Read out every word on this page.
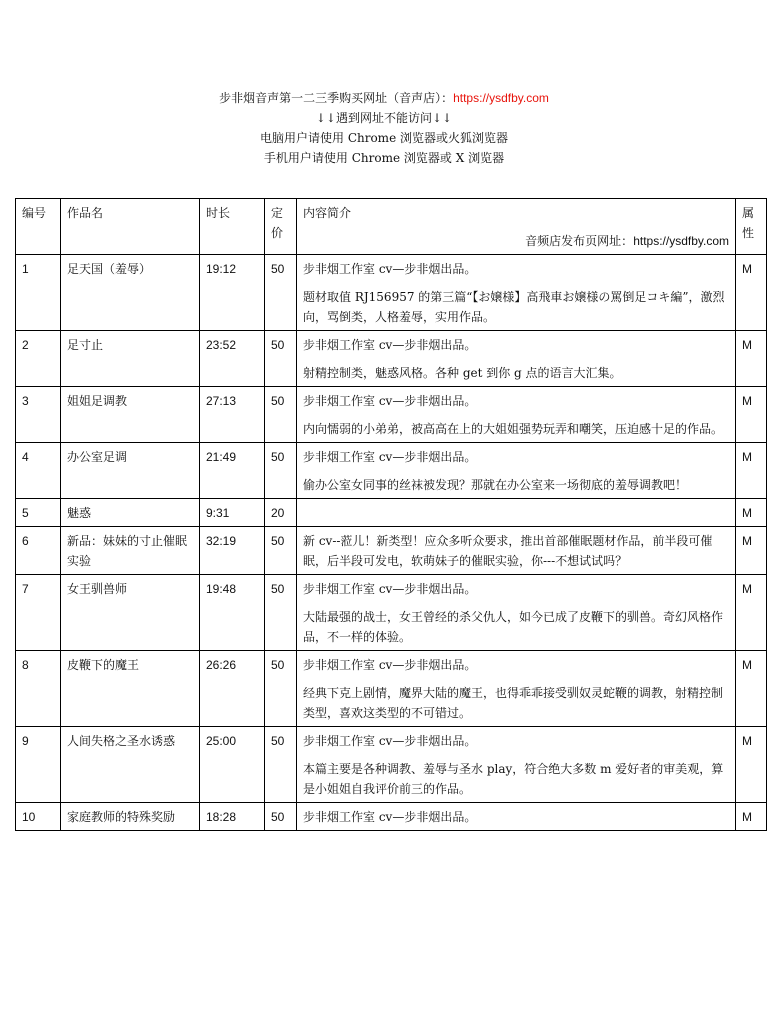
步非烟音声第一二三季购买网址（音声店）：https://ysdfby.com
↓↓遇到网址不能访问↓↓
电脑用户请使用 Chrome 浏览器或火狐浏览器
手机用户请使用 Chrome 浏览器或 X 浏览器
编号	作品名	时长	定价	内容简介
音频店发布页网址：https://ysdfby.com	属性
1	足天国（羞辱）	19:12	50	步非烟工作室 cv—步非烟出品。
题材取值 RJ156957 的第三篇“【お嬢様】高飛車お嬢様の罵倒足コキ編”，激烈向，骂倒类，人格羞辱，实用作品。	M
2	足寸止	23:52	50	步非烟工作室 cv—步非烟出品。
射精控制类，魅惑风格。各种 get 到你 g 点的语言大汇集。	M
3	姐姐足调教	27:13	50	步非烟工作室 cv—步非烟出品。
内向懦弱的小弟弟，被高高在上的大姐姐强势玩弄和嘲笑，压迫感十足的作品。	M
4	办公室足调	21:49	50	步非烟工作室 cv—步非烟出品。
偷办公室女同事的丝袜被发现？那就在办公室来一场彻底的羞辱调教吧！	M
5	魅惑	9:31	20		M
6	新品：妹妹的寸止催眠实验	32:19	50	新 cv--蒞儿！新类型！应众多听众要求，推出首部催眠题材作品，前半段可催眠，后半段可发电，软萌妹子的催眠实验，你---不想试试吗？	M
7	女王驯兽师	19:48	50	步非烟工作室 cv—步非烟出品。
大陆最强的战士，女王曾经的杀父仇人，如今已成了皮鞭下的驯兽。奇幻风格作品，不一样的体验。	M
8	皮鞭下的魔王	26:26	50	步非烟工作室 cv—步非烟出品。
经典下克上剧情，魔界大陆的魔王，也得乖乖接受驯奴灵蛇鞭的调教，射精控制类型，喜欢这类型的不可错过。	M
9	人间失格之圣水诱惑	25:00	50	步非烟工作室 cv—步非烟出品。
本篇主要是各种调教、羞辱与圣水 play，符合绝大多数 m 爱好者的审美观，算是小姐姐自我评价前三的作品。	M
10	家庭教师的特殊奖励	18:28	50	步非烟工作室 cv—步非烟出品。	M
